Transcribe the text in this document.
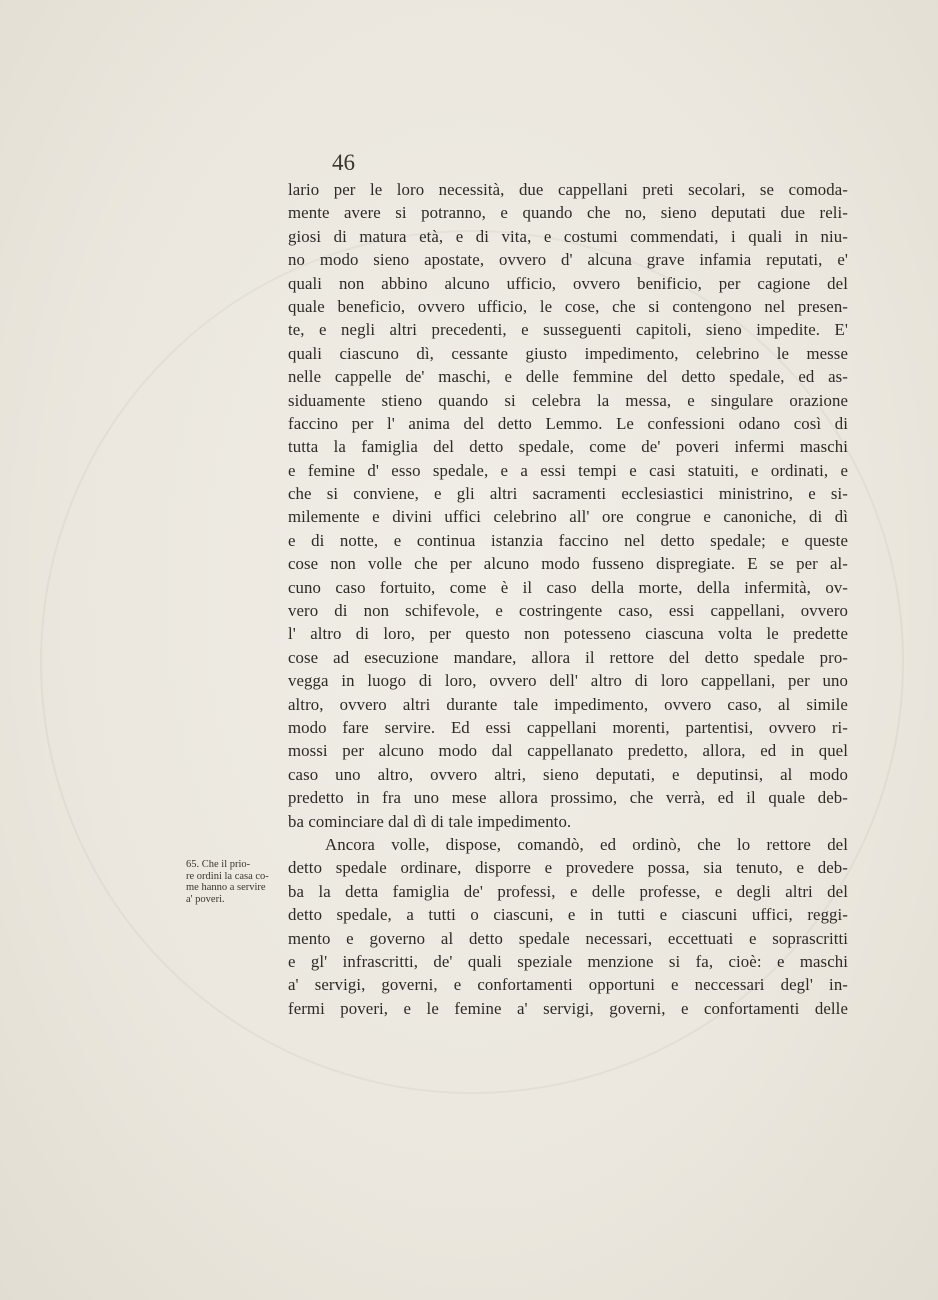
46
65. Che il prio-
re ordini la casa co-
me hanno a servire
a' poveri.
lario per le loro necessità, due cappellani preti secolari, se comoda-
mente avere si potranno, e quando che no, sieno deputati due reli-
giosi di matura età, e di vita, e costumi commendati, i quali in niu-
no modo sieno apostate, ovvero d' alcuna grave infamia reputati, e'
quali non abbino alcuno ufficio, ovvero benificio, per cagione del
quale beneficio, ovvero ufficio, le cose, che si contengono nel presen-
te, e negli altri precedenti, e susseguenti capitoli, sieno impedite. E'
quali ciascuno dì, cessante giusto impedimento, celebrino le messe
nelle cappelle de' maschi, e delle femmine del detto spedale, ed as-
siduamente stieno quando si celebra la messa, e singulare orazione
faccino per l' anima del detto Lemmo. Le confessioni odano così di
tutta la famiglia del detto spedale, come de' poveri infermi maschi
e femine d' esso spedale, e a essi tempi e casi statuiti, e ordinati, e
che si conviene, e gli altri sacramenti ecclesiastici ministrino, e si-
milemente e divini uffici celebrino all' ore congrue e canoniche, di dì
e di notte, e continua istanzia faccino nel detto spedale; e queste
cose non volle che per alcuno modo fusseno dispregiate. E se per al-
cuno caso fortuito, come è il caso della morte, della infermità, ov-
vero di non schifevole, e costringente caso, essi cappellani, ovvero
l' altro di loro, per questo non potesseno ciascuna volta le predette
cose ad esecuzione mandare, allora il rettore del detto spedale pro-
vegga in luogo di loro, ovvero dell' altro di loro cappellani, per uno
altro, ovvero altri durante tale impedimento, ovvero caso, al simile
modo fare servire. Ed essi cappellani morenti, partentisi, ovvero ri-
mossi per alcuno modo dal cappellanato predetto, allora, ed in quel
caso uno altro, ovvero altri, sieno deputati, e deputinsi, al modo
predetto in fra uno mese allora prossimo, che verrà, ed il quale deb-
ba cominciare dal dì di tale impedimento.
Ancora volle, dispose, comandò, ed ordinò, che lo rettore del
detto spedale ordinare, disporre e provedere possa, sia tenuto, e deb-
ba la detta famiglia de' professi, e delle professe, e degli altri del
detto spedale, a tutti o ciascuni, e in tutti e ciascuni uffici, reggi-
mento e governo al detto spedale necessari, eccettuati e soprascritti
e gl' infrascritti, de' quali speziale menzione si fa, cioè: e maschi
a' servigi, governi, e confortamenti opportuni e neccessari degl' in-
fermi poveri, e le femine a' servigi, governi, e confortamenti delle
